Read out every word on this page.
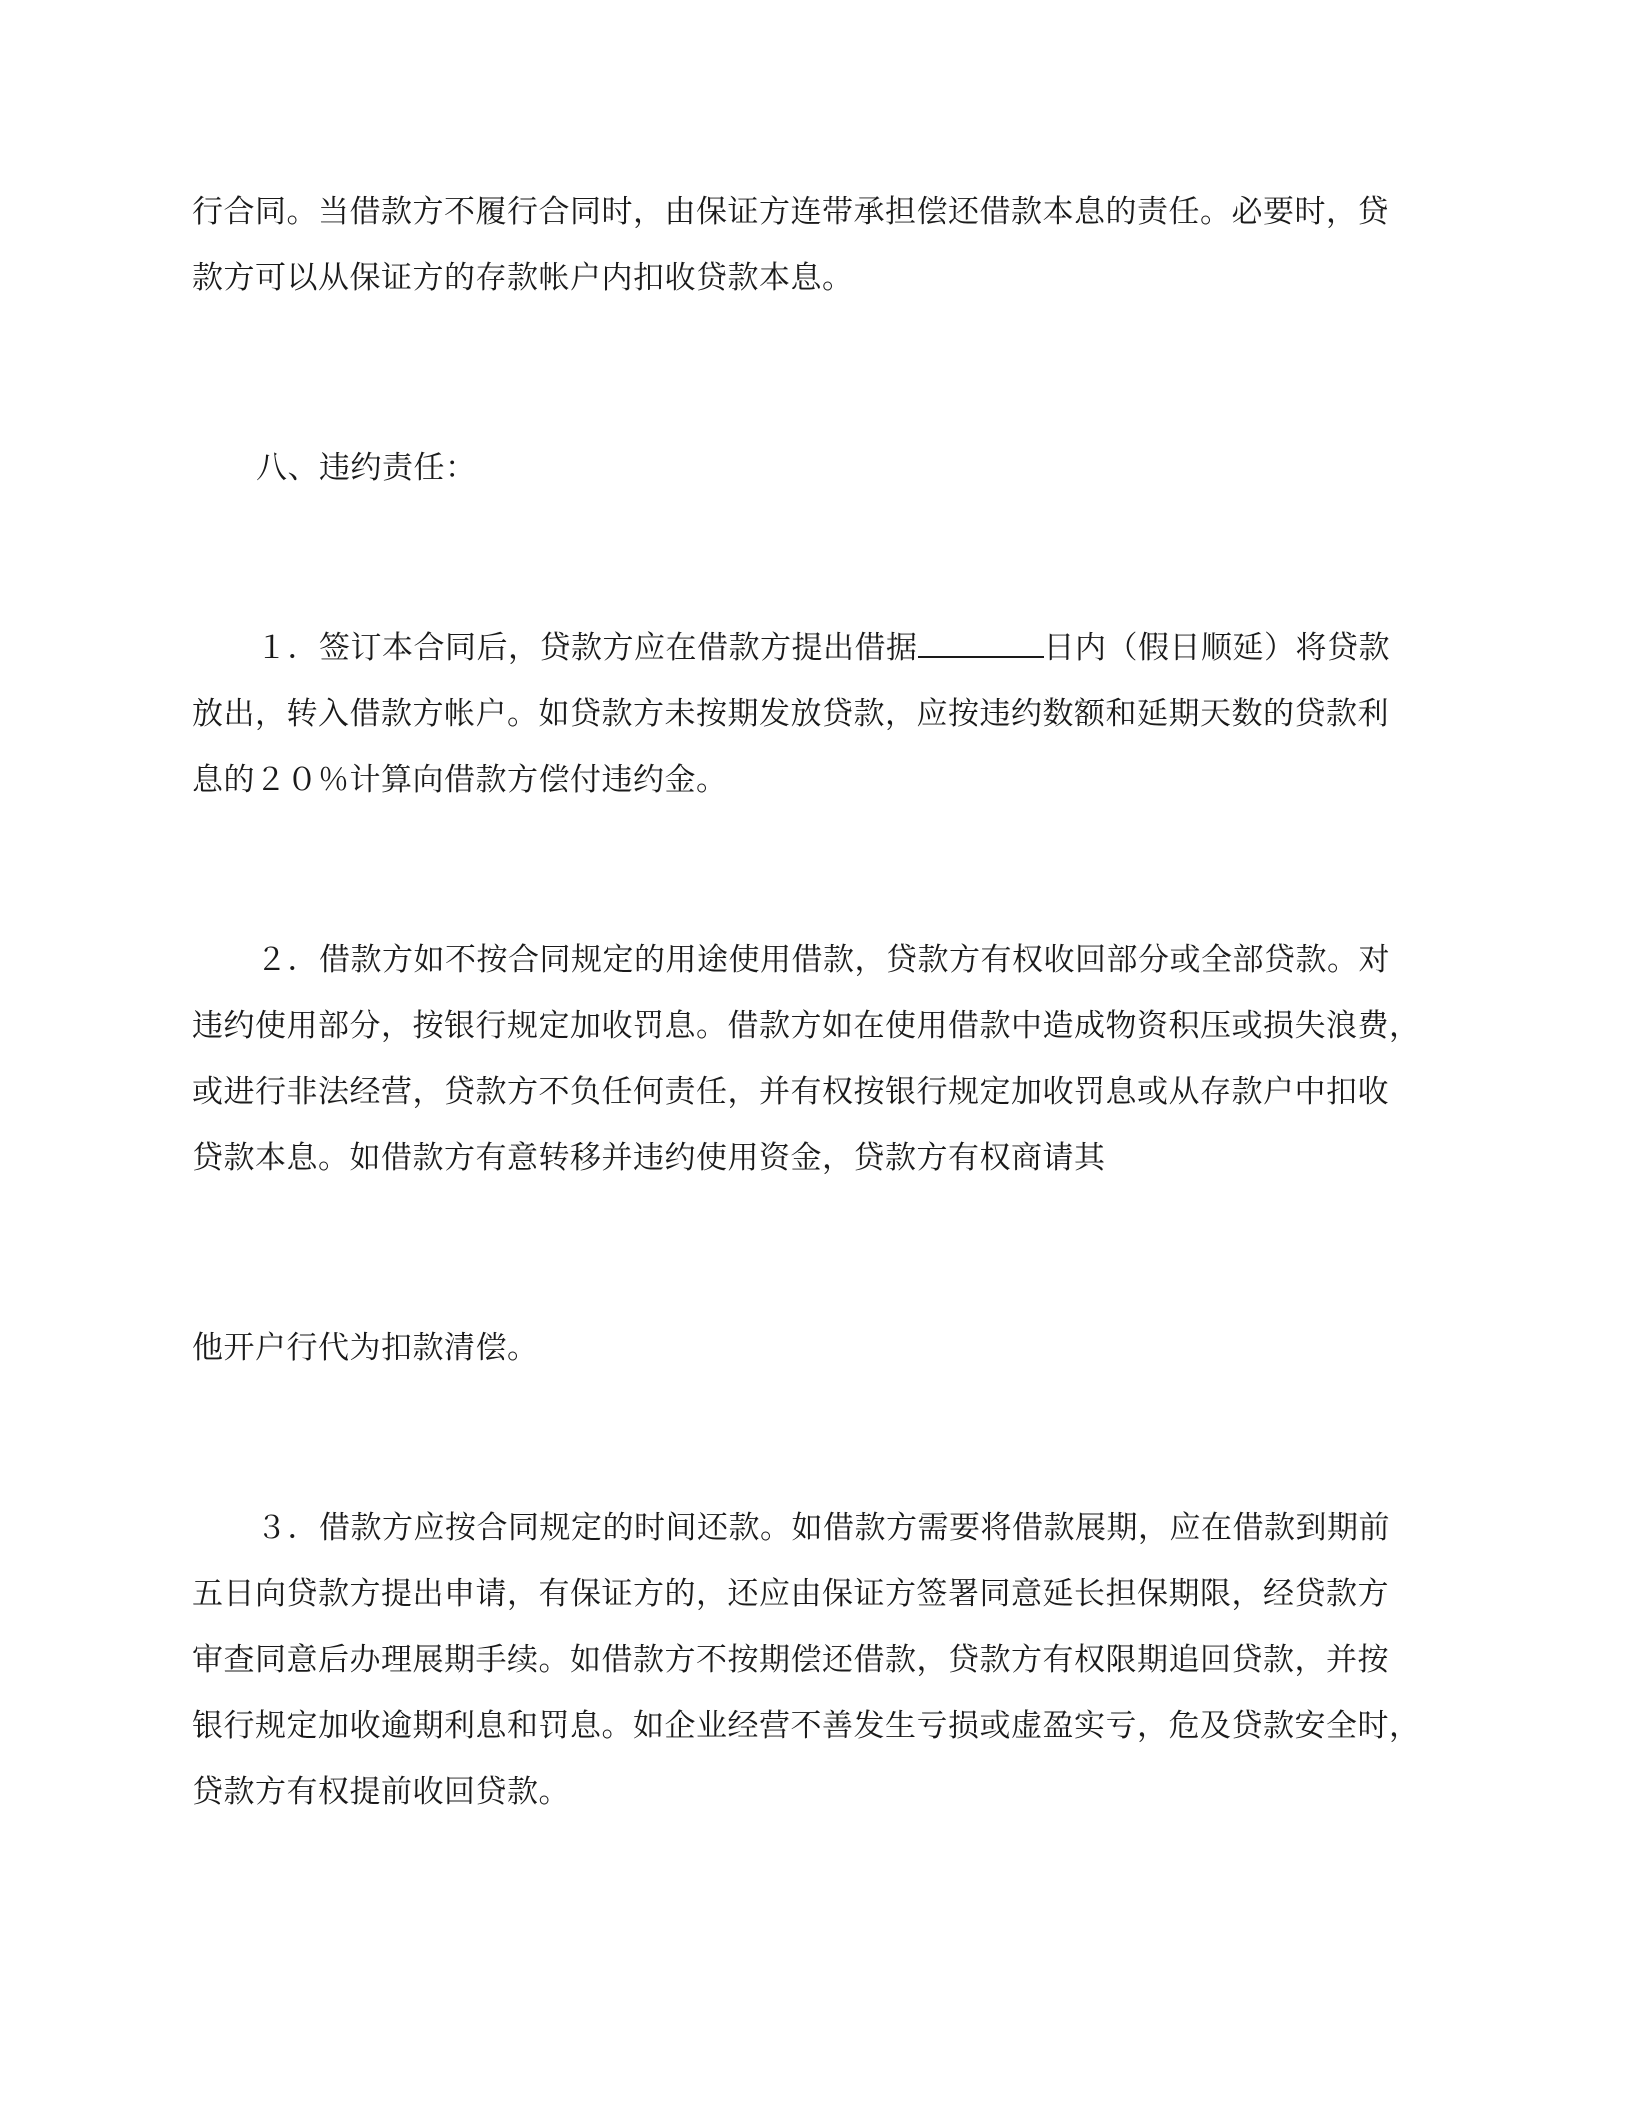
行合同。当借款方不履行合同时，由保证方连带承担偿还借款本息的责任。必要时，贷
款方可以从保证方的存款帐户内扣收贷款本息。
八、违约责任：
１．签订本合同后，贷款方应在借款方提出借据	日内（假日顺延）将贷款
放出，转入借款方帐户。如贷款方未按期发放贷款，应按违约数额和延期天数的贷款利
息的２０％计算向借款方偿付违约金。
２．借款方如不按合同规定的用途使用借款，贷款方有权收回部分或全部贷款。对
违约使用部分，按银行规定加收罚息。借款方如在使用借款中造成物资积压或损失浪费，
或进行非法经营，贷款方不负任何责任，并有权按银行规定加收罚息或从存款户中扣收
贷款本息。如借款方有意转移并违约使用资金，贷款方有权商请其
他开户行代为扣款清偿。
３．借款方应按合同规定的时间还款。如借款方需要将借款展期，应在借款到期前
五日向贷款方提出申请，有保证方的，还应由保证方签署同意延长担保期限，经贷款方
审查同意后办理展期手续。如借款方不按期偿还借款，贷款方有权限期追回贷款，并按
银行规定加收逾期利息和罚息。如企业经营不善发生亏损或虚盈实亏，危及贷款安全时，
贷款方有权提前收回贷款。
